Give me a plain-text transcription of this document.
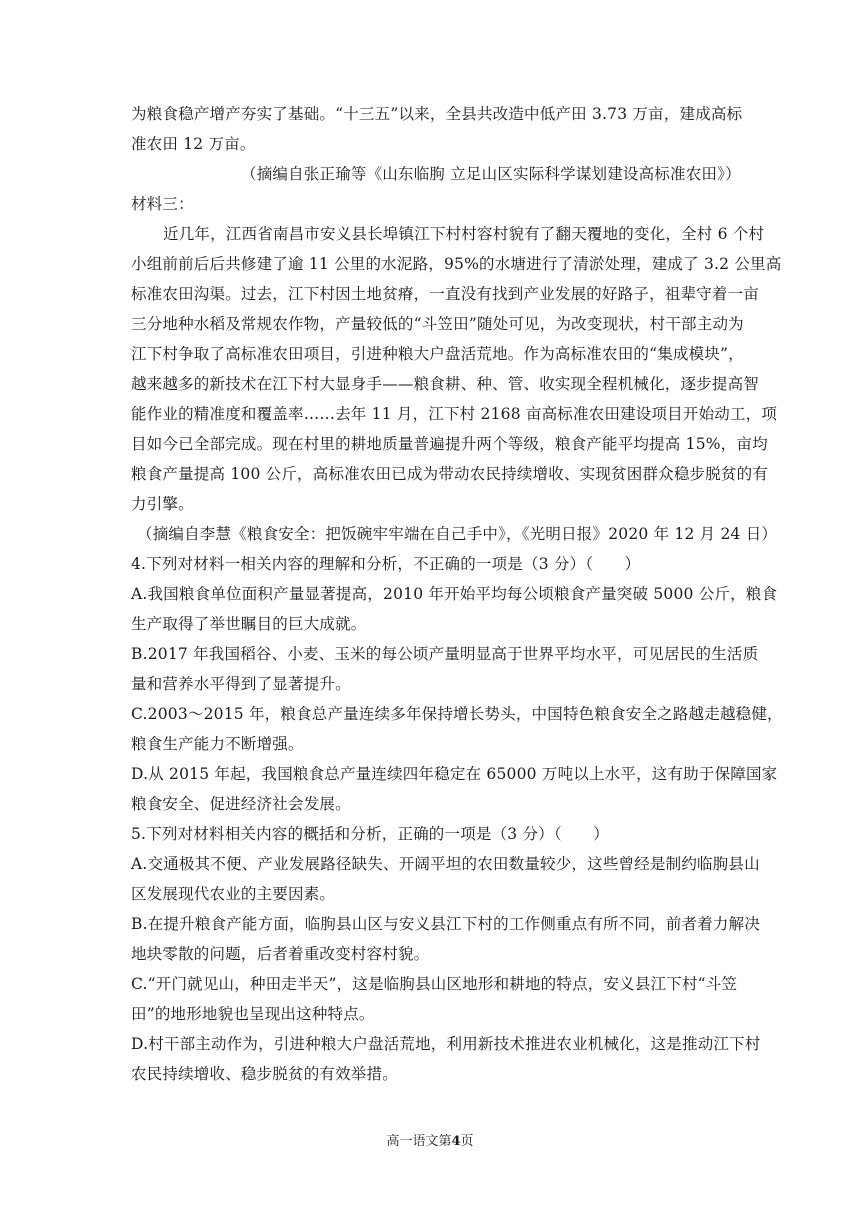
为粮食稳产增产夯实了基础。“十三五”以来，全县共改造中低产田 3.73 万亩，建成高标
准农田 12 万亩。
（摘编自张正瑜等《山东临朐 立足山区实际科学谋划建设高标准农田》）
材料三：
近几年，江西省南昌市安义县长埠镇江下村村容村貌有了翻天覆地的变化，全村 6 个村
小组前前后后共修建了逾 11 公里的水泥路，95%的水塘进行了清淤处理，建成了 3.2 公里高
标准农田沟渠。过去，江下村因土地贫瘠，一直没有找到产业发展的好路子，祖辈守着一亩
三分地种水稻及常规农作物，产量较低的“斗笠田”随处可见，为改变现状，村干部主动为
江下村争取了高标准农田项目，引进种粮大户盘活荒地。作为高标准农田的“集成模块”，
越来越多的新技术在江下村大显身手——粮食耕、种、管、收实现全程机械化，逐步提高智
能作业的精准度和覆盖率……去年 11 月，江下村 2168 亩高标准农田建设项目开始动工，项
目如今已全部完成。现在村里的耕地质量普遍提升两个等级，粮食产能平均提高 15%，亩均
粮食产量提高 100 公斤，高标准农田已成为带动农民持续增收、实现贫困群众稳步脱贫的有
力引擎。
（摘编自李慧《粮食安全：把饭碗牢牢端在自己手中》，《光明日报》2020 年 12 月 24 日）
4.下列对材料一相关内容的理解和分析，不正确的一项是（3 分）（　　）
A.我国粮食单位面积产量显著提高，2010 年开始平均每公顷粮食产量突破 5000 公斤，粮食
生产取得了举世瞩目的巨大成就。
B.2017 年我国稻谷、小麦、玉米的每公顷产量明显高于世界平均水平，可见居民的生活质
量和营养水平得到了显著提升。
C.2003～2015 年，粮食总产量连续多年保持增长势头，中国特色粮食安全之路越走越稳健，
粮食生产能力不断增强。
D.从 2015 年起，我国粮食总产量连续四年稳定在 65000 万吨以上水平，这有助于保障国家
粮食安全、促进经济社会发展。
5.下列对材料相关内容的概括和分析，正确的一项是（3 分）（　　）
A.交通极其不便、产业发展路径缺失、开阔平坦的农田数量较少，这些曾经是制约临朐县山
区发展现代农业的主要因素。
B.在提升粮食产能方面，临朐县山区与安义县江下村的工作侧重点有所不同，前者着力解决
地块零散的问题，后者着重改变村容村貌。
C.“开门就见山，种田走半天”，这是临朐县山区地形和耕地的特点，安义县江下村“斗笠
田”的地形地貌也呈现出这种特点。
D.村干部主动作为，引进种粮大户盘活荒地，利用新技术推进农业机械化，这是推动江下村
农民持续增收、稳步脱贫的有效举措。
高一语文第4页
